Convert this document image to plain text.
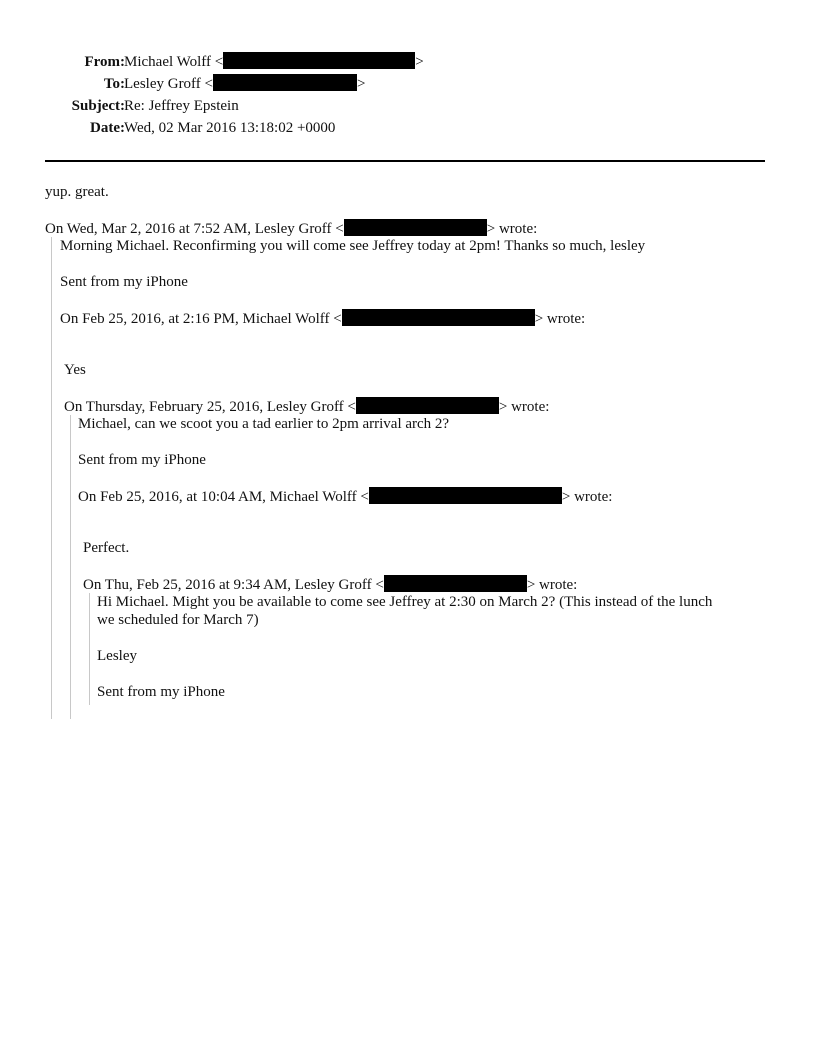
From: Michael Wolff <	>
To: Lesley Groff <	>
Subject: Re: Jeffrey Epstein
Date: Wed, 02 Mar 2016 13:18:02 +0000
yup. great.
On Wed, Mar 2, 2016 at 7:52 AM, Lesley Groff <	> wrote:
Morning Michael. Reconfirming you will come see Jeffrey today at 2pm! Thanks so much, lesley
Sent from my iPhone
On Feb 25, 2016, at 2:16 PM, Michael Wolff <	> wrote:
Yes
On Thursday, February 25, 2016, Lesley Groff <	> wrote:
Michael, can we scoot you a tad earlier to 2pm arrival arch 2?
Sent from my iPhone
On Feb 25, 2016, at 10:04 AM, Michael Wolff <	> wrote:
Perfect.
On Thu, Feb 25, 2016 at 9:34 AM, Lesley Groff <	> wrote:
Hi Michael. Might you be available to come see Jeffrey at 2:30 on March 2? (This instead of the lunch
we scheduled for March 7)
Lesley
Sent from my iPhone
